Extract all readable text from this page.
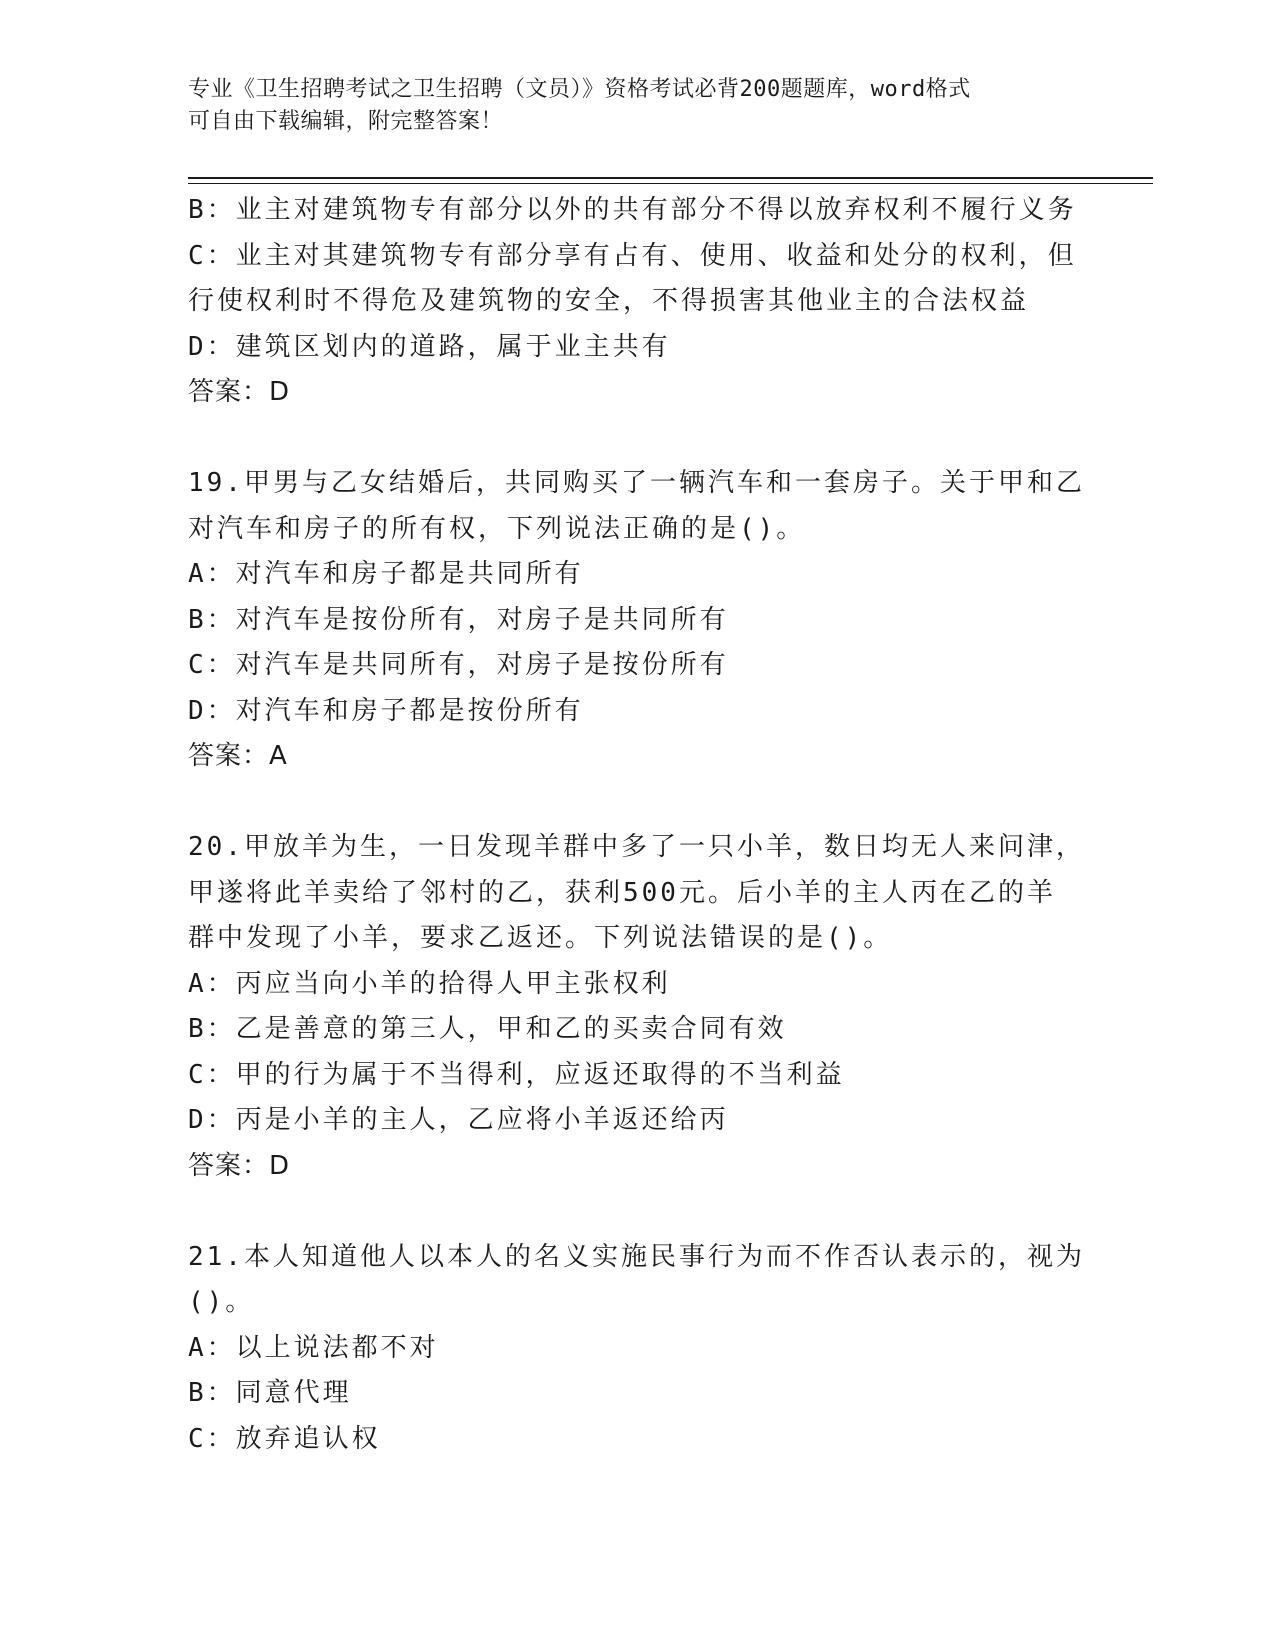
专业《卫生招聘考试之卫生招聘（文员）》资格考试必背200题题库，word格式
可自由下载编辑，附完整答案！
B：业主对建筑物专有部分以外的共有部分不得以放弃权利不履行义务
C：业主对其建筑物专有部分享有占有、使用、收益和处分的权利，但
行使权利时不得危及建筑物的安全，不得损害其他业主的合法权益
D：建筑区划内的道路，属于业主共有
答案：D
19.甲男与乙女结婚后，共同购买了一辆汽车和一套房子。关于甲和乙
对汽车和房子的所有权，下列说法正确的是()。
A：对汽车和房子都是共同所有
B：对汽车是按份所有，对房子是共同所有
C：对汽车是共同所有，对房子是按份所有
D：对汽车和房子都是按份所有
答案：A
20.甲放羊为生，一日发现羊群中多了一只小羊，数日均无人来问津，
甲遂将此羊卖给了邻村的乙，获利500元。后小羊的主人丙在乙的羊
群中发现了小羊，要求乙返还。下列说法错误的是()。
A：丙应当向小羊的拾得人甲主张权利
B：乙是善意的第三人，甲和乙的买卖合同有效
C：甲的行为属于不当得利，应返还取得的不当利益
D：丙是小羊的主人，乙应将小羊返还给丙
答案：D
21.本人知道他人以本人的名义实施民事行为而不作否认表示的，视为
()。
A：以上说法都不对
B：同意代理
C：放弃追认权
